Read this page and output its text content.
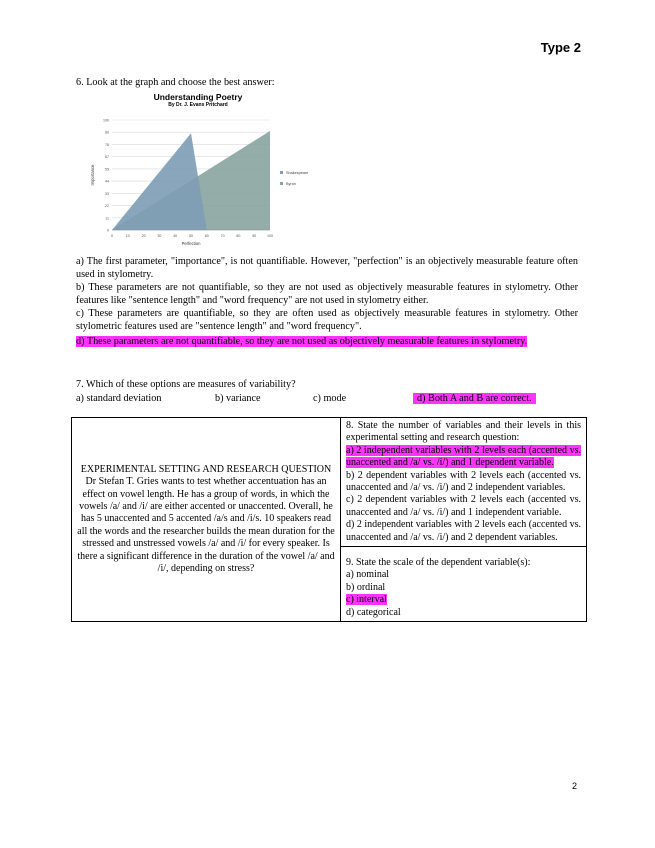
Type 2
6. Look at the graph and choose the best answer:
Understanding Poetry
By Dr. J. Evans Pritchard
0
11
22
33
44
55
67
78
89
100
0	10	20	30	40	50	60	70	80	90	100
Perfection
Importance	Shakespeare
Byron
a) The first parameter, "importance", is not quantifiable. However, "perfection" is an objectively measurable feature often used in stylometry.
b) These parameters are not quantifiable, so they are not used as objectively measurable features in stylometry. Other features like "sentence length" and "word frequency" are not used in stylometry either.
c) These parameters are quantifiable, so they are often used as objectively measurable features in stylometry. Other stylometric features used are "sentence length" and "word frequency".
d) These parameters are not quantifiable, so they are not used as objectively measurable features in stylometry.
7. Which of these options are measures of variability?
a) standard deviation	b) variance	c) mode	d) Both A and B are correct.
EXPERIMENTAL SETTING AND RESEARCH QUESTION
Dr Stefan T. Gries wants to test whether accentuation has an effect on vowel length. He has a group of words, in which the vowels /a/ and /i/ are either accented or unaccented. Overall, he has 5 unaccented and 5 accented /a/s and /i/s. 10 speakers read all the words and the researcher builds the mean duration for the stressed and unstressed vowels /a/ and /i/ for every speaker. Is there a significant difference in the duration of the vowel /a/ and /i/, depending on stress?

8. State the number of variables and their levels in this experimental setting and research question:
a) 2 independent variables with 2 levels each (accented vs. unaccented and /a/ vs. /i/) and 1 dependent variable.
b) 2 dependent variables with 2 levels each (accented vs. unaccented and /a/ vs. /i/) and 2 independent variables.
c) 2 dependent variables with 2 levels each (accented vs. unaccented and /a/ vs. /i/) and 1 independent variable.
d) 2 independent variables with 2 levels each (accented vs. unaccented and /a/ vs. /i/) and 2 dependent variables.

9. State the scale of the dependent variable(s):
a) nominal
b) ordinal
c) interval
d) categorical
2
